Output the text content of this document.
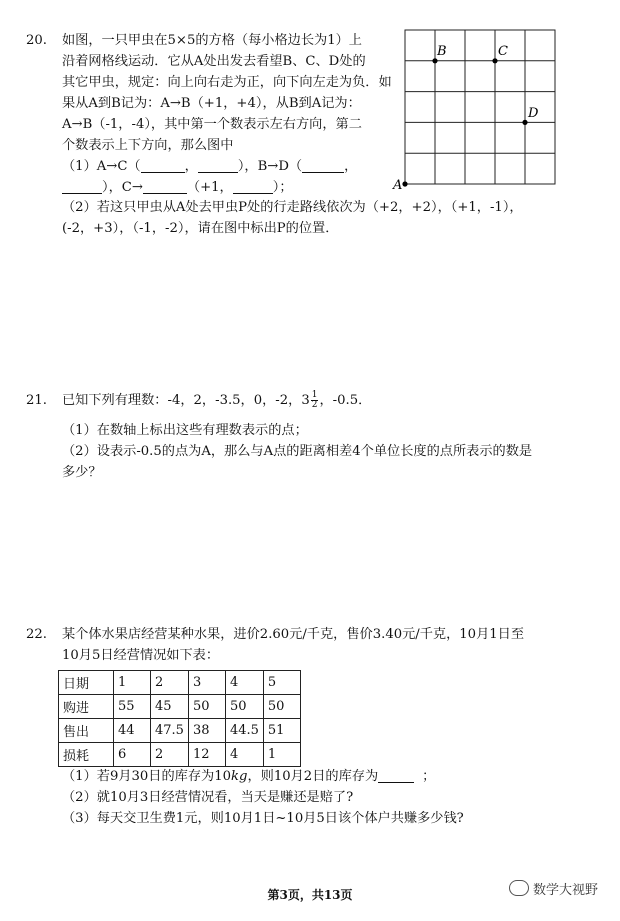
20. 如图，一只甲虫在5×5的方格（每小格边长为1）上
沿着网格线运动．它从A处出发去看望B、C、D处的
其它甲虫，规定：向上向右走为正，向下向左走为负．如
果从A到B记为：A→B（+1，+4），从B到A记为：
A→B（-1，-4），其中第一个数表示左右方向，第二
个数表示上下方向，那么图中
（1）A→C（	，	），B→D（	，
），C→	（+1，	）；
（2）若这只甲虫从A处去甲虫P处的行走路线依次为（+2，+2），（+1，-1），
(-2，+3），（-1，-2），请在图中标出P的位置．
A
B	C
D
21. 已知下列有理数：-4，2，-3.5，0，-2，$3 \frac{1}{2}$ ，-0.5．
（1）在数轴上标出这些有理数表示的点；
（2）设表示-0.5的点为A，那么与A点的距离相差4个单位长度的点所表示的数是
多少？
22. 某个体水果店经营某种水果，进价2.60元/千克，售价3.40元/千克，10月1日至
10月5日经营情况如下表：
日期	1	2	3	4	5
购进	55	45	50	50	50
售出	44	47.5	38	44.5	51
损耗	6	2	12	4	1
（1）若9月30日的库存为10kg，则10月2日的库存为	；
（2）就10月3日经营情况看，当天是赚还是赔了?
（3）每天交卫生费1元，则10月1日~10月5日该个体户共赚多少钱?
第3页，共13页	数学大视野
